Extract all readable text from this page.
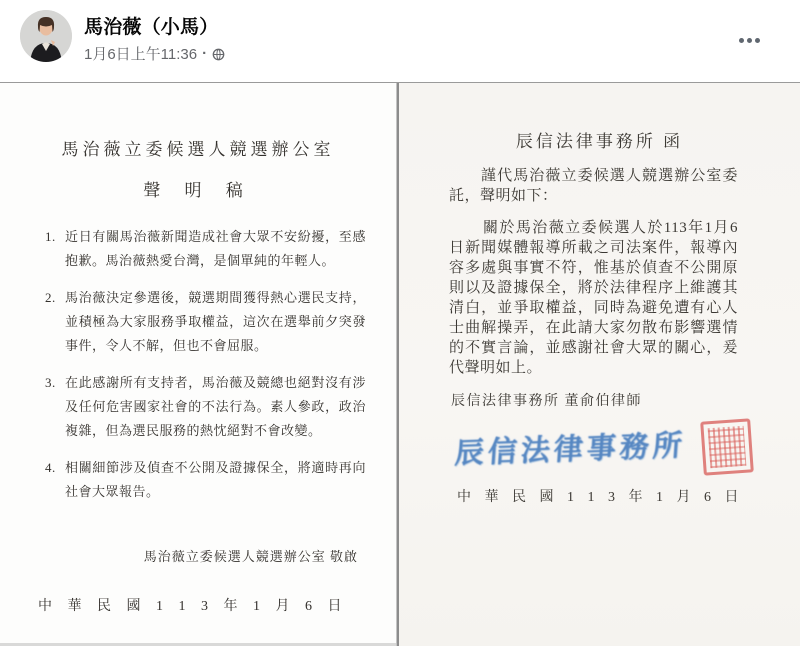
馬治薇（小馬）
1月6日上午11:36 ·
馬治薇立委候選人競選辦公室
聲 明 稿
1. 近日有關馬治薇新聞造成社會大眾不安紛擾，至感抱歉。馬治薇熱愛台灣，是個單純的年輕人。
2. 馬治薇決定參選後，競選期間獲得熱心選民支持，並積極為大家服務爭取權益，這次在選舉前夕突發事件，令人不解，但也不會屈服。
3. 在此感謝所有支持者，馬治薇及競總也絕對沒有涉及任何危害國家社會的不法行為。素人參政，政治複雜，但為選民服務的熱忱絕對不會改變。
4. 相關細節涉及偵查不公開及證據保全，將適時再向社會大眾報告。
馬治薇立委候選人競選辦公室 敬啟
中 華 民 國 1 1 3 年 1 月 6 日
辰信法律事務所 函
謹代馬治薇立委候選人競選辦公室委託，聲明如下：
關於馬治薇立委候選人於113年1月6日新聞媒體報導所載之司法案件，報導內容多處與事實不符，惟基於偵查不公開原則以及證據保全，將於法律程序上維護其清白，並爭取權益，同時為避免遭有心人士曲解操弄，在此請大家勿散布影響選情的不實言論，並感謝社會大眾的關心，爰代聲明如上。
辰信法律事務所 董俞伯律師
辰信法律事務所
中 華 民 國 1 1 3 年 1 月 6 日
